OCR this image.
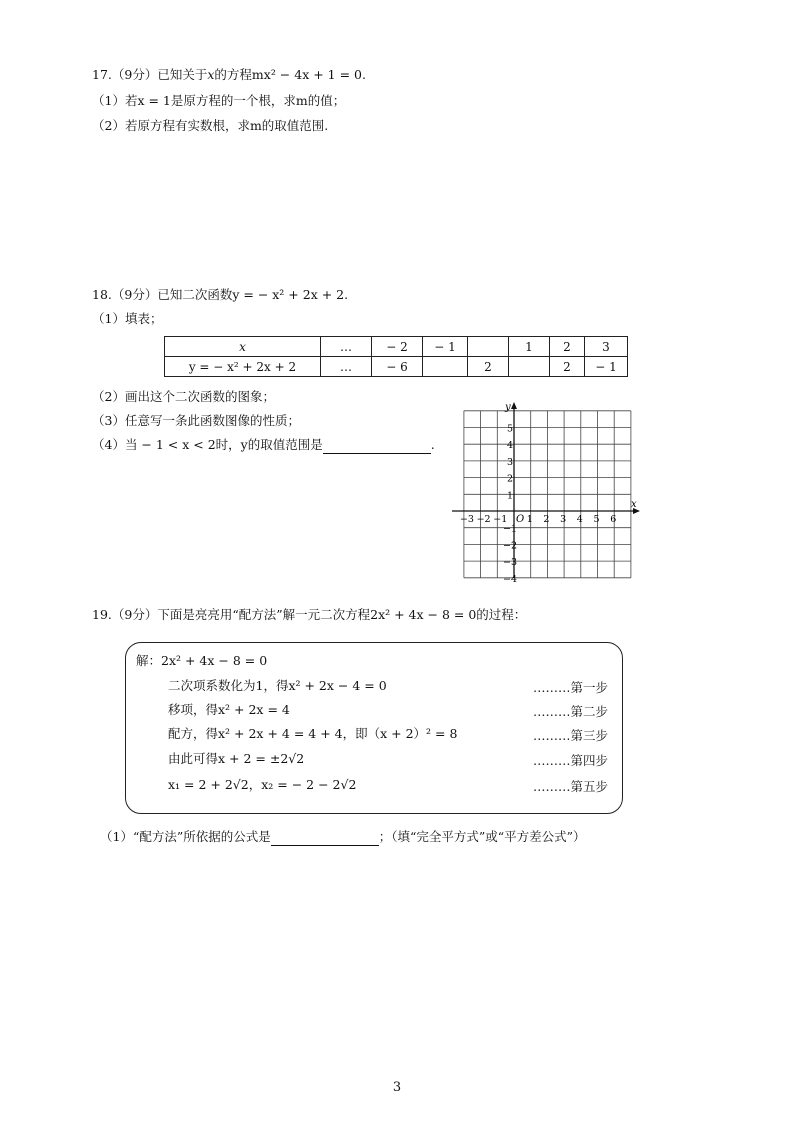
17.（9分）已知关于x的方程mx² − 4x + 1 = 0.
（1）若x = 1是原方程的一个根，求m的值；
（2）若原方程有实数根，求m的取值范围.
18.（9分）已知二次函数y = − x² + 2x + 2.
（1）填表；
x	…	− 2	− 1		1	2	3
y = − x² + 2x + 2	…	− 6		2		2	− 1
（2）画出这个二次函数的图象；
（3）任意写一条此函数图像的性质；
（4）当 − 1 < x < 2时，y的取值范围是	.
x
y
O
−3 −2 −1 1 2 3 4 5 6
5
4
3
2
1
−1
−2
−3
−4
19.（9分）下面是亮亮用“配方法”解一元二次方程2x² + 4x − 8 = 0的过程：
解：2x² + 4x − 8 = 0
二次项系数化为1，得x² + 2x − 4 = 0	………第一步
移项，得x² + 2x = 4	………第二步
配方，得x² + 2x + 4 = 4 + 4，即（x + 2）² = 8	………第三步
由此可得x + 2 = ±2√2	………第四步
x₁ = 2 + 2√2，x₂ = − 2 − 2√2	………第五步
（1）“配方法”所依据的公式是	；（填“完全平方式”或“平方差公式”）
3
